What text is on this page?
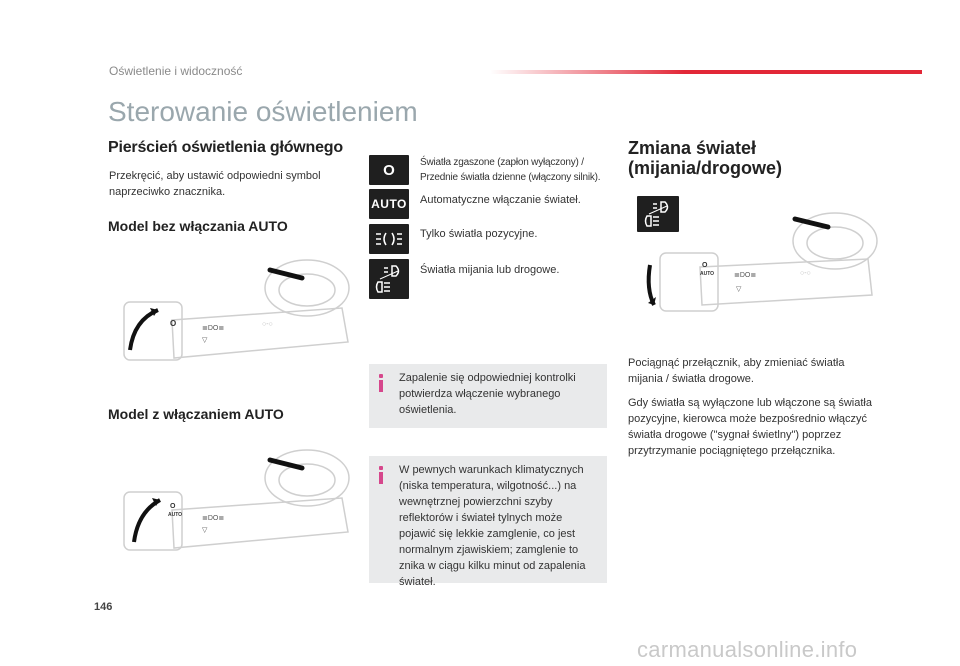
Oświetlenie i widoczność
Sterowanie oświetleniem
Pierścień oświetlenia głównego
Przekręcić, aby ustawić odpowiedni symbol naprzeciwko znacznika.
Model bez włączania AUTO
O
≣DO≣
▽
○-○
Model z włączaniem AUTO
O
AUTO	≣DO≣
▽
O	Światła zgaszone (zapłon wyłączony) / Przednie światła dzienne (włączony silnik).
AUTO Automatyczne włączanie świateł.
Tylko światła pozycyjne.
Światła mijania lub drogowe.
Zapalenie się odpowiedniej kontrolki potwierdza włączenie wybranego oświetlenia.
W pewnych warunkach klimatycznych (niska temperatura, wilgotność...) na wewnętrznej powierzchni szyby reflektorów i świateł tylnych może pojawić się lekkie zamglenie, co jest normalnym zjawiskiem; zamglenie to znika w ciągu kilku minut od zapalenia świateł.
Zmiana świateł
(mijania/drogowe)
O
AUTO	≣DO≣
▽
○-○
Pociągnąć przełącznik, aby zmieniać światła mijania / światła drogowe.
Gdy światła są wyłączone lub włączone są światła pozycyjne, kierowca może bezpośrednio włączyć światła drogowe ("sygnał świetlny") poprzez przytrzymanie pociągniętego przełącznika.
146
carmanualsonline.info
